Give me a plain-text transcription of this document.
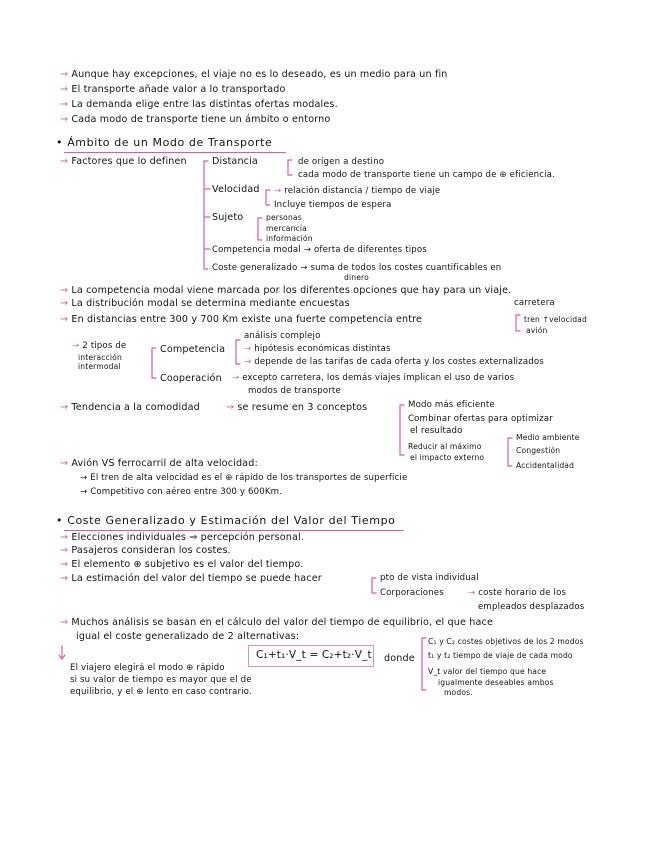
→ Aunque hay excepciones, el viaje no es lo deseado, es un medio para un fin
→ El transporte añade valor a lo transportado
→ La demanda elige entre las distintas ofertas modales.
→ Cada modo de transporte tiene un ámbito o entorno
• Ámbito de un Modo de Transporte
→ Factores que lo definen	Distancia	de origen a destino
cada modo de transporte tiene un campo de ⊕ eficiencia.
Velocidad → relación distancia / tiempo de viaje
Incluye tiempos de espera
Sujeto	personas
mercancía
información
Competencia modal → oferta de diferentes tipos
Coste generalizado → suma de todos los costes cuantificables en
dinero
→ La competencia modal viene marcada por los diferentes opciones que hay para un viaje.
→ La distribución modal se determina mediante encuestas	carretera
→ En distancias entre 300 y 700 Km existe una fuerte competencia entre	tren ↑velocidad
avión
→ 2 tipos de
interacción
intermodal
Competencia
análisis complejo
→ hipótesis económicas distintas
→ depende de las tarifas de cada oferta y los costes externalizados
Cooperación → excepto carretera, los demás viajes implican el uso de varios
modos de transporte
→ Tendencia a la comodidad	→ se resume en 3 conceptos	Modo más eficiente
Combinar ofertas para optimizar
el resultado
Reducir al máximo
el impacto externo
Medio ambiente
Congestión
Accidentalidad
→ Avión VS ferrocarril de alta velocidad:
→ El tren de alta velocidad es el ⊕ rápido de los transportes de superficie
→ Competitivo con aéreo entre 300 y 600Km.
• Coste Generalizado y Estimación del Valor del Tiempo
→ Elecciones individuales ⇒ percepción personal.
→ Pasajeros consideran los costes.
→ El elemento ⊕ subjetivo es el valor del tiempo.
→ La estimación del valor del tiempo se puede hacer	pto de vista individual
Corporaciones	→ coste horario de los
empleados desplazados
→ Muchos análisis se basan en el cálculo del valor del tiempo de equilibrio, el que hace
igual el coste generalizado de 2 alternativas:
C₁+t₁·V_t = C₂+t₂·V_t donde
C₁ y C₂ costes objetivos de los 2 modos
t₁ y t₂ tiempo de viaje de cada modo
V_t valor del tiempo que hace
igualmente deseables ambos
modos.
El viajero elegirá el modo ⊕ rápido
si su valor de tiempo es mayor que el de
equilibrio, y el ⊕ lento en caso contrario.
